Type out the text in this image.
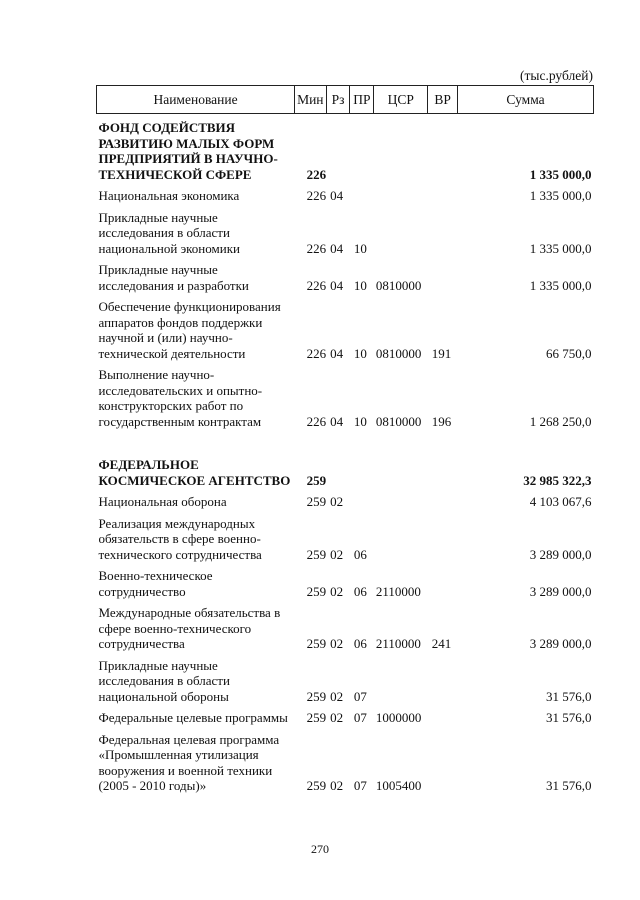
(тыс.рублей)
Наименование	Мин	Рз	ПР	ЦСР	ВР	Сумма
ФОНД СОДЕЙСТВИЯ РАЗВИТИЮ МАЛЫХ ФОРМ ПРЕДПРИЯТИЙ В НАУЧНО-ТЕХНИЧЕСКОЙ СФЕРЕ	226					1 335 000,0
Национальная экономика	226	04				1 335 000,0
Прикладные научные исследования в области национальной экономики	226	04	10			1 335 000,0
Прикладные научные исследования и разработки	226	04	10	0810000		1 335 000,0
Обеспечение функционирования аппаратов фондов поддержки научной и (или) научно-технической деятельности	226	04	10	0810000	191	66 750,0
Выполнение научно-исследовательских и опытно-конструкторских работ по государственным контрактам	226	04	10	0810000	196	1 268 250,0
ФЕДЕРАЛЬНОЕ КОСМИЧЕСКОЕ АГЕНТСТВО	259					32 985 322,3
Национальная оборона	259	02				4 103 067,6
Реализация международных обязательств в сфере военно-технического сотрудничества	259	02	06			3 289 000,0
Военно-техническое сотрудничество	259	02	06	2110000		3 289 000,0
Международные обязательства в сфере военно-технического сотрудничества	259	02	06	2110000	241	3 289 000,0
Прикладные научные исследования в области национальной обороны	259	02	07			31 576,0
Федеральные целевые программы	259	02	07	1000000		31 576,0
Федеральная целевая программа «Промышленная утилизация вооружения и военной техники (2005 - 2010 годы)»	259	02	07	1005400		31 576,0
270
